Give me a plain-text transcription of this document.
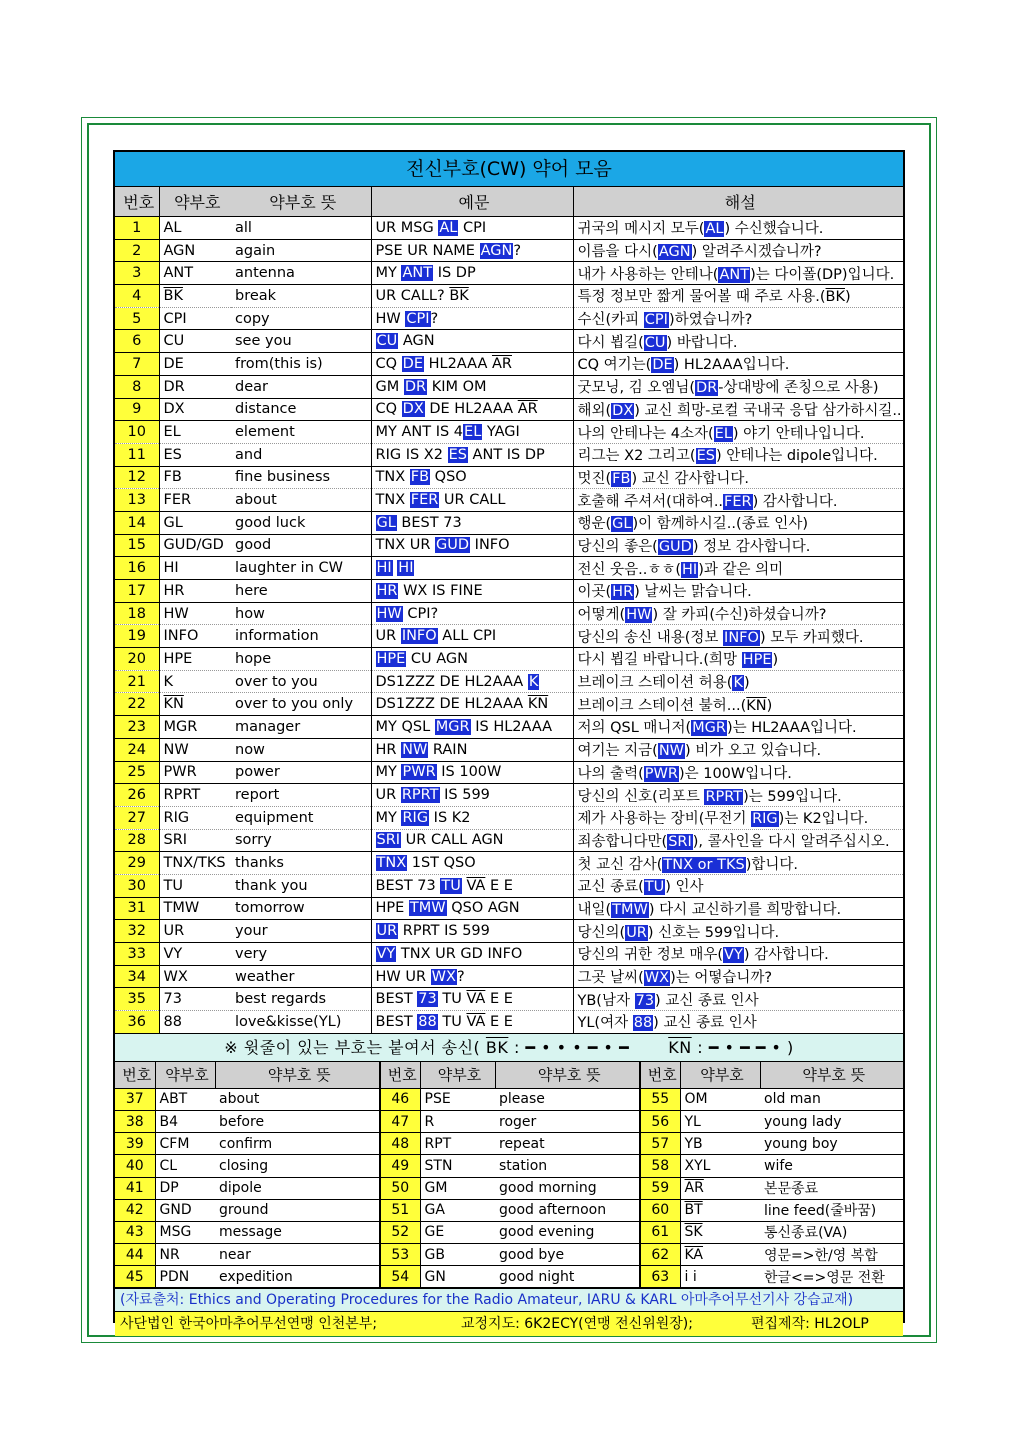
전신부호(CW) 약어 모음
번호	약부호	약부호 뜻	예문	해설
1	AL	all	UR MSG AL CPI	귀국의 메시지 모두(AL) 수신했습니다.
2	AGN	again	PSE UR NAME AGN?	이름을 다시(AGN) 알려주시겠습니까?
3	ANT	antenna	MY ANT IS DP	내가 사용하는 안테나(ANT)는 다이폴(DP)입니다.
4	$\overline{BK}$	break	UR CALL? $\overline{BK}$	특정 정보만 짧게 물어볼 때 주로 사용$.(\overline{BK})$
5	CPI	copy	HW CPI?	수신(카피 CPI)하였습니까?
6	CU	see you	CU AGN	다시 뵙길(CU) 바랍니다.
7	DE	from(this is)	CQ DE HL2AAA $\overline{AR}$	CQ 여기는(DE) HL2AAA입니다.
8	DR	dear	GM DR KIM OM	굿모닝, 김 오엠님(DR-상대방에 존칭으로 사용)
9	DX	distance	CQ DX DE HL2AAA $\overline{AR}$	해외(DX) 교신 희망-로컬 국내국 응답 삼가하시길..
10	EL	element	MY ANT IS 4EL YAGI	나의 안테나는 4소자(EL) 야기 안테나입니다.
11	ES	and	RIG IS X2 ES ANT IS DP	리그는 X2 그리고(ES) 안테나는 dipole입니다.
12	FB	fine business	TNX FB QSO	멋진(FB) 교신 감사합니다.
13	FER	about	TNX FER UR CALL	호출해 주셔서(대하여..FER) 감사합니다.
14	GL	good luck	GL BEST 73	행운(GL)이 함께하시길..(종료 인사)
15	GUD/GD	good	TNX UR GUD INFO	당신의 좋은(GUD) 정보 감사합니다.
16	HI	laughter in CW	HI HI	전신 웃음..ㅎㅎ(HI)과 같은 의미
17	HR	here	HR WX IS FINE	이곳(HR) 날씨는 맑습니다.
18	HW	how	HW CPI?	어떻게(HW) 잘 카피(수신)하셨습니까?
19	INFO	information	UR INFO ALL CPI	당신의 송신 내용(정보 INFO) 모두 카피했다.
20	HPE	hope	HPE CU AGN	다시 뵙길 바랍니다.(희망 HPE)
21	K	over to you	DS1ZZZ DE HL2AAA K	브레이크 스테이션 허용(K)
22	$\overline{KN}$	over to you only	DS1ZZZ DE HL2AAA $\overline{KN}$	브레이크 스테이션 불허$...(\overline{KN})$
23	MGR	manager	MY QSL MGR IS HL2AAA	저의 QSL 매니저(MGR)는 HL2AAA입니다.
24	NW	now	HR NW RAIN	여기는 지금(NW) 비가 오고 있습니다.
25	PWR	power	MY PWR IS 100W	나의 출력(PWR)은 100W입니다.
26	RPRT	report	UR RPRT IS 599	당신의 신호(리포트 RPRT)는 599입니다.
27	RIG	equipment	MY RIG IS K2	제가 사용하는 장비(무전기 RIG)는 K2입니다.
28	SRI	sorry	SRI UR CALL AGN	죄송합니다만(SRI), 콜사인을 다시 알려주십시오.
29	TNX/TKS	thanks	TNX 1ST QSO	첫 교신 감사(TNX or TKS)합니다.
30	TU	thank you	BEST 73 TU $\overline{VA}$ E E	교신 종료(TU) 인사
31	TMW	tomorrow	HPE TMW QSO AGN	내일(TMW) 다시 교신하기를 희망합니다.
32	UR	your	UR RPRT IS 599	당신의(UR) 신호는 599입니다.
33	VY	very	VY TNX UR GD INFO	당신의 귀한 정보 매우(VY) 감사합니다.
34	WX	weather	HW UR WX?	그곳 날씨(WX)는 어떻습니까?
35	73	best regards	BEST 73 TU $\overline{VA}$ E E	YB(남자 73) 교신 종료 인사
36	88	love&kisse(YL)	BEST 88 TU $\overline{VA}$ E E	YL(여자 88) 교신 종료 인사
※ 윗줄이 있는 부호는 붙여서 송신( $\overline{BK}$ : ━ • • • ━ • ━ $\overline{KN}$ : ━ • ━ ━ • )
번호	약부호	약부호 뜻	번호	약부호	약부호 뜻	번호	약부호	약부호 뜻
37	ABT	about	46	PSE	please	55	OM	old man
38	B4	before	47	R	roger	56	YL	young lady
39	CFM	confirm	48	RPT	repeat	57	YB	young boy
40	CL	closing	49	STN	station	58	XYL	wife
41	DP	dipole	50	GM	good morning	59	$\overline{AR}$	본문종료
42	GND	ground	51	GA	good afternoon	60	$\overline{BT}$	line feed(줄바꿈)
43	MSG	message	52	GE	good evening	61	$\overline{SK}$	통신종료(VA)
44	NR	near	53	GB	good bye	62	$\overline{KA}$	영문=>한/영 복합
45	PDN	expedition	54	GN	good night	63	i i	한글<=>영문 전환
(자료출처: Ethics and Operating Procedures for the Radio Amateur, IARU & KARL 아마추어무선기사 강습교재)
사단법인 한국아마추어무선연맹 인천본부;	교정지도: 6K2ECY(연맹 전신위원장);	편집제작: HL2OLP
